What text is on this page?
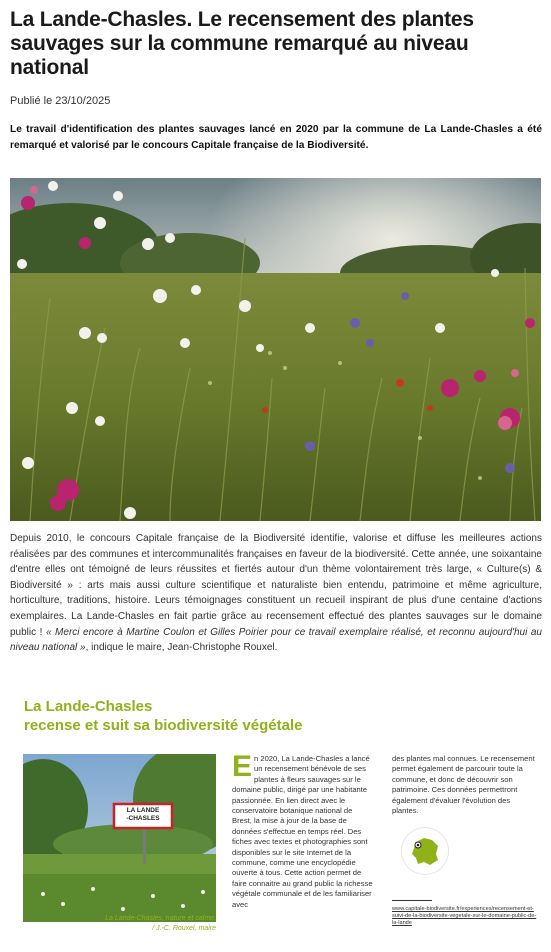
La Lande-Chasles. Le recensement des plantes sauvages sur la commune remarqué au niveau national
Publié le 23/10/2025

Le travail d'identification des plantes sauvages lancé en 2020 par la commune de La Lande-Chasles a été remarqué et valorisé par le concours Capitale française de la Biodiversité.

Depuis 2010, le concours Capitale française de la Biodiversité identifie, valorise et diffuse les meilleures actions réalisées par des communes et intercommunalités françaises en faveur de la biodiversité. Cette année, une soixantaine d'entre elles ont témoigné de leurs réussites et fiertés autour d'un thème volontairement très large, « Culture(s) & Biodiversité » : arts mais aussi culture scientifique et naturaliste bien entendu, patrimoine et même agriculture, horticulture, traditions, histoire. Leurs témoignages constituent un recueil inspirant de plus d'une centaine d'actions exemplaires. La Lande-Chasles en fait partie grâce au recensement effectué des plantes sauvages sur le domaine public ! « Merci encore à Martine Coulon et Gilles Poirier pour ce travail exemplaire réalisé, et reconnu aujourd'hui au niveau national », indique le maire, Jean-Christophe Rouxel.

La Lande-Chasles
recense et suit sa biodiversité végétale
LA LANDE
-CHASLES
La Lande-Chasles, nature et calme.
/ J.-C. Rouxel, maire
En 2020, La Lande-Chasles a lancé un recensement bénévole de ses plantes à fleurs sauvages sur le domaine public, dirigé par une habitante passionnée. En lien direct avec le conservatoire botanique national de Brest, la mise à jour de la base de données s'effectue en temps réel. Des fiches avec textes et photographies sont disponibles sur le site Internet de la commune, comme une encyclopédie ouverte à tous. Cette action permet de faire connaitre au grand public la richesse végétale communale et de les familiariser avec
des plantes mal connues. Le recensement permet également de parcourir toute la commune, et donc de découvrir son patrimoine. Ces données permettront également d'évaluer l'évolution des plantes.
www.capitale-biodiversite.fr/experiences/recensement-et-suivi-de-la-biodiversite-vegetale-sur-le-domaine-public-de-la-lande
